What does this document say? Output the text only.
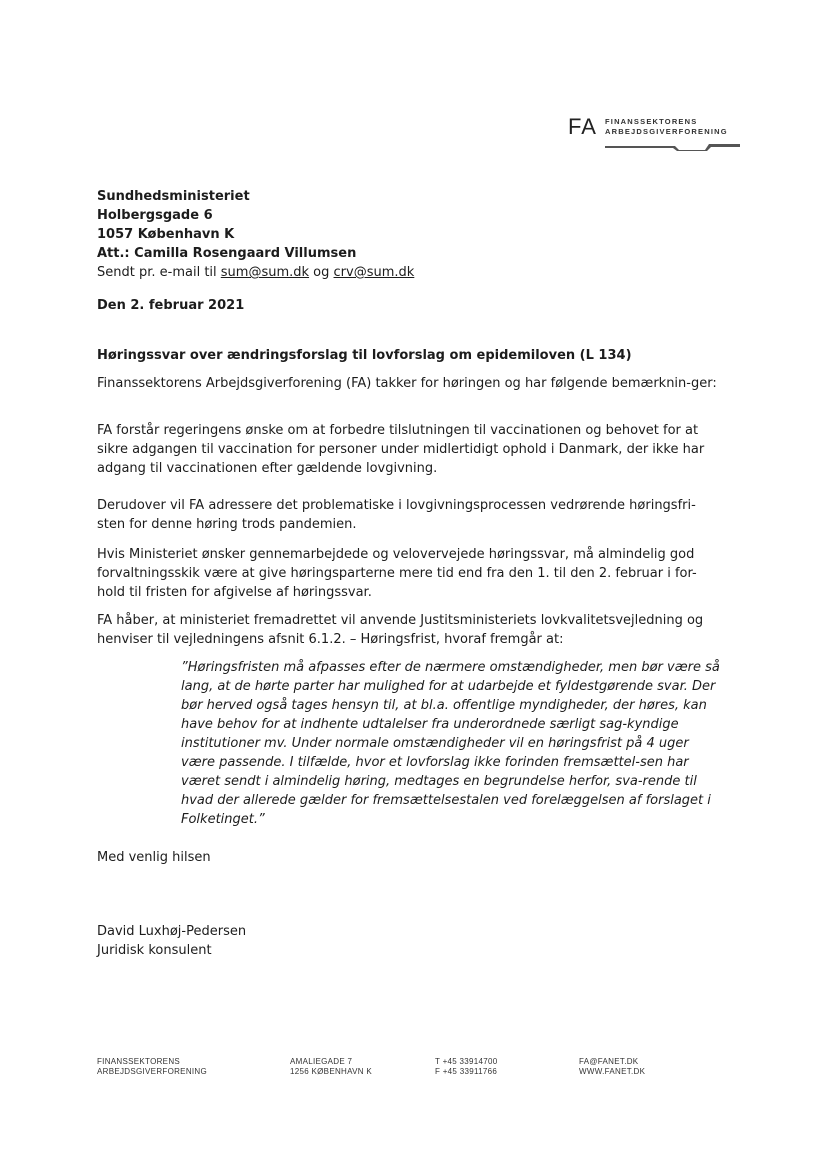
FA FINANSSEKTORENS
ARBEJDSGIVERFORENING
Sundhedsministeriet
Holbergsgade 6
1057 København K
Att.: Camilla Rosengaard Villumsen
Sendt pr. e-mail til sum@sum.dk og crv@sum.dk
Den 2. februar 2021
Høringssvar over ændringsforslag til lovforslag om epidemiloven (L 134)
Finanssektorens Arbejdsgiverforening (FA) takker for høringen og har følgende bemærknin-ger:
FA forstår regeringens ønske om at forbedre tilslutningen til vaccinationen og behovet for at sikre adgangen til vaccination for personer under midlertidigt ophold i Danmark, der ikke har adgang til vaccinationen efter gældende lovgivning.
Derudover vil FA adressere det problematiske i lovgivningsprocessen vedrørende høringsfri-sten for denne høring trods pandemien.
Hvis Ministeriet ønsker gennemarbejdede og velovervejede høringssvar, må almindelig god forvaltningsskik være at give høringsparterne mere tid end fra den 1. til den 2. februar i for-hold til fristen for afgivelse af høringssvar.
FA håber, at ministeriet fremadrettet vil anvende Justitsministeriets lovkvalitetsvejledning og henviser til vejledningens afsnit 6.1.2. – Høringsfrist, hvoraf fremgår at:
”Høringsfristen må afpasses efter de nærmere omstændigheder, men bør være så lang, at de hørte parter har mulighed for at udarbejde et fyldestgørende svar. Der bør herved også tages hensyn til, at bl.a. offentlige myndigheder, der høres, kan have behov for at indhente udtalelser fra underordnede særligt sag-kyndige institutioner mv. Under normale omstændigheder vil en høringsfrist på 4 uger være passende. I tilfælde, hvor et lovforslag ikke forinden fremsættel-sen har været sendt i almindelig høring, medtages en begrundelse herfor, sva-rende til hvad der allerede gælder for fremsættelsestalen ved forelæggelsen af forslaget i Folketinget.”
Med venlig hilsen
David Luxhøj-Pedersen
Juridisk konsulent
FINANSSEKTORENS
ARBEJDSGIVERFORENING
AMALIEGADE 7
1256 KØBENHAVN K
T +45 33914700
F +45 33911766
FA@FANET.DK
WWW.FANET.DK
